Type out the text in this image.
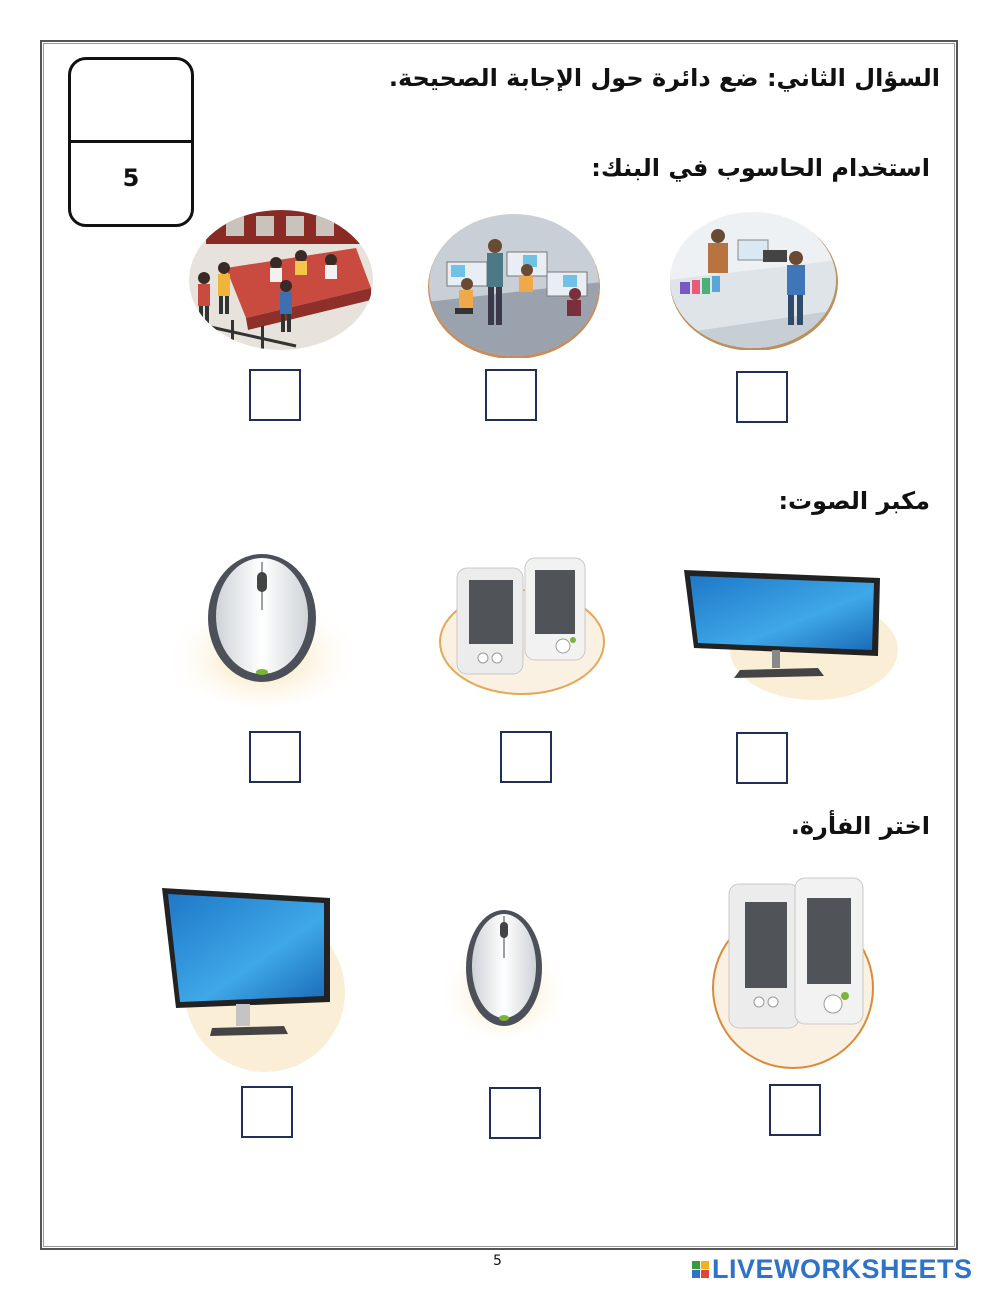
5
السؤال الثاني: ضع دائرة حول الإجابة الصحيحة.
استخدام الحاسوب في البنك:
مكبر الصوت:
اختر الفأرة.
5	LIVEWORKSHEETS
